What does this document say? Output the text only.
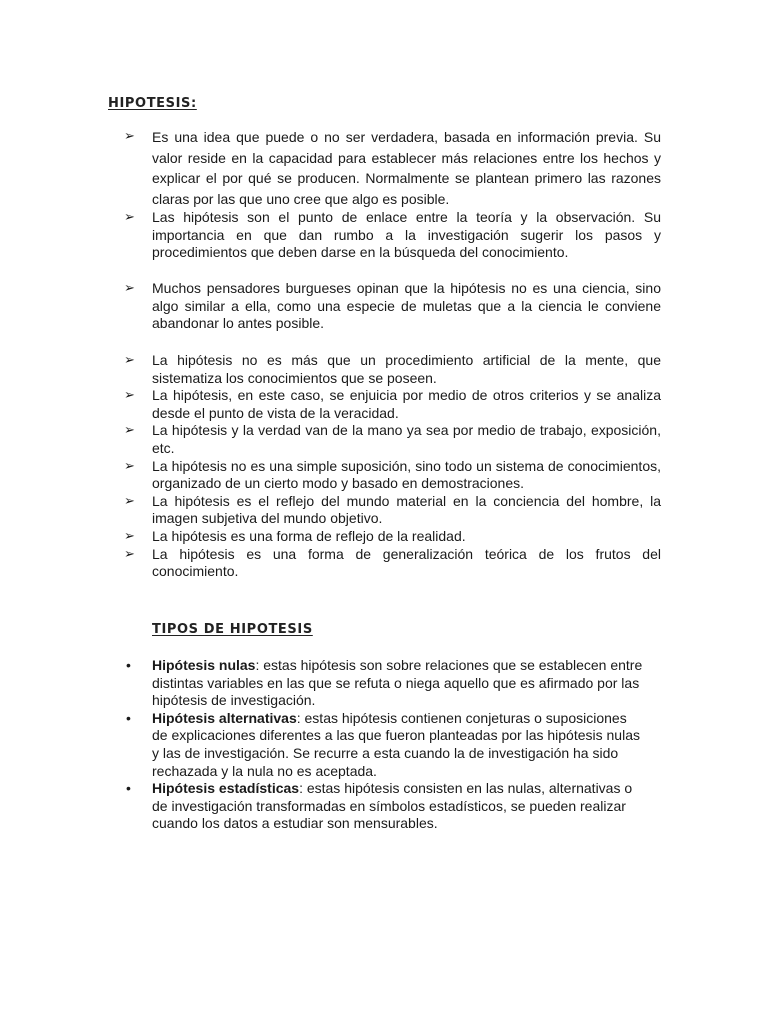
HIPOTESIS:
➢ Es una idea que puede o no ser verdadera, basada en información previa. Su valor reside en la capacidad para establecer más relaciones entre los hechos y explicar el por qué se producen. Normalmente se plantean primero las razones claras por las que uno cree que algo es posible.
➢ Las hipótesis son el punto de enlace entre la teoría y la observación. Su importancia en que dan rumbo a la investigación sugerir los pasos y procedimientos que deben darse en la búsqueda del conocimiento.
➢ Muchos pensadores burgueses opinan que la hipótesis no es una ciencia, sino algo similar a ella, como una especie de muletas que a la ciencia le conviene abandonar lo antes posible.
➢ La hipótesis no es más que un procedimiento artificial de la mente, que sistematiza los conocimientos que se poseen.
➢ La hipótesis, en este caso, se enjuicia por medio de otros criterios y se analiza desde el punto de vista de la veracidad.
➢ La hipótesis y la verdad van de la mano ya sea por medio de trabajo, exposición, etc.
➢ La hipótesis no es una simple suposición, sino todo un sistema de conocimientos, organizado de un cierto modo y basado en demostraciones.
➢ La hipótesis es el reflejo del mundo material en la conciencia del hombre, la imagen subjetiva del mundo objetivo.
➢ La hipótesis es una forma de reflejo de la realidad.
➢ La hipótesis es una forma de generalización teórica de los frutos del conocimiento.
TIPOS DE HIPOTESIS
• Hipótesis nulas: estas hipótesis son sobre relaciones que se establecen entre distintas variables en las que se refuta o niega aquello que es afirmado por las hipótesis de investigación.
• Hipótesis alternativas: estas hipótesis contienen conjeturas o suposiciones de explicaciones diferentes a las que fueron planteadas por las hipótesis nulas y las de investigación. Se recurre a esta cuando la de investigación ha sido rechazada y la nula no es aceptada.
• Hipótesis estadísticas: estas hipótesis consisten en las nulas, alternativas o de investigación transformadas en símbolos estadísticos, se pueden realizar cuando los datos a estudiar son mensurables.
